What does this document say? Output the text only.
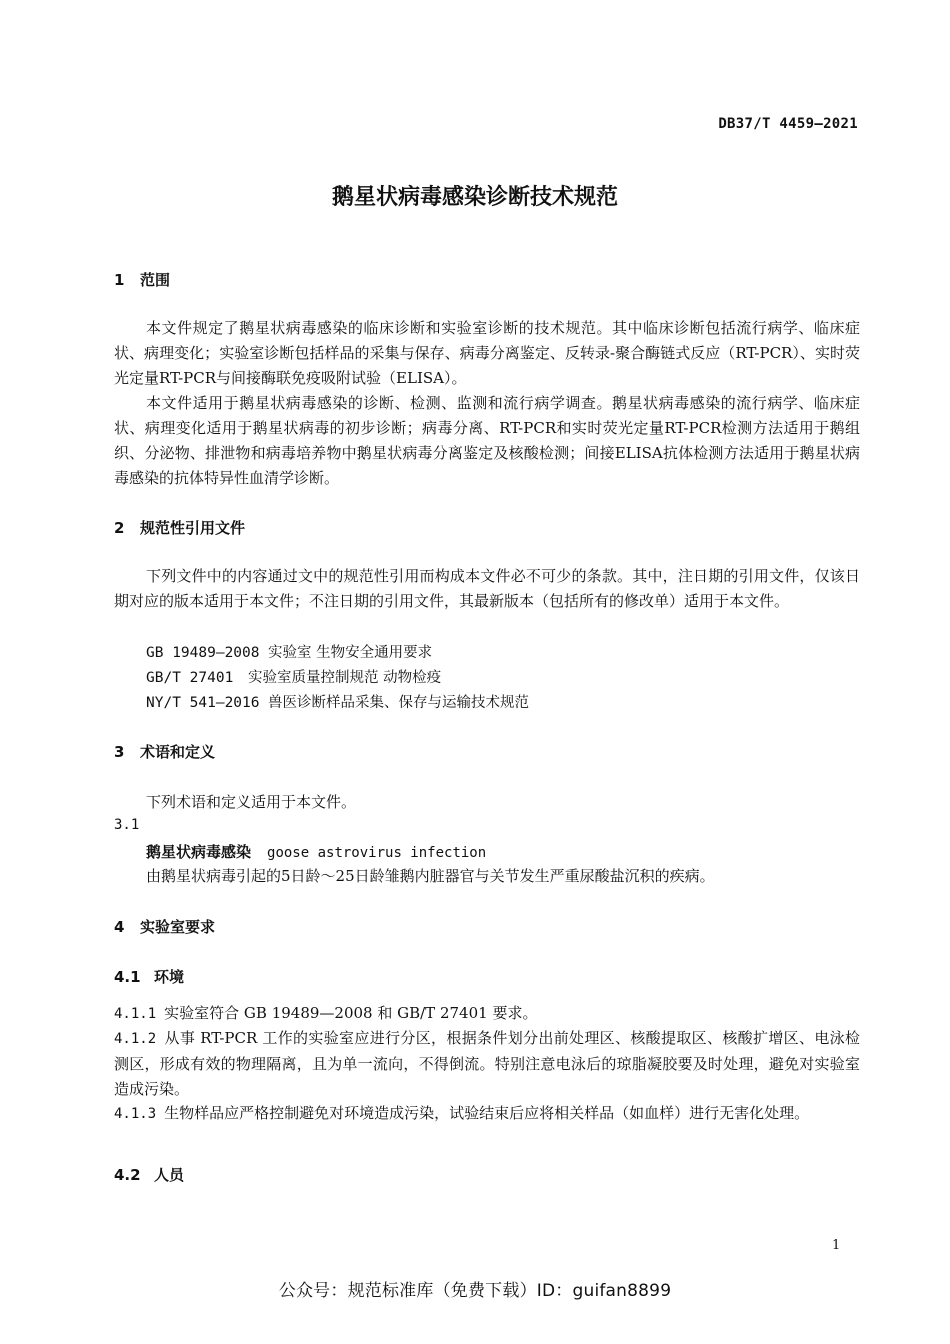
DB37/T 4459—2021
鹅星状病毒感染诊断技术规范
1 范围
本文件规定了鹅星状病毒感染的临床诊断和实验室诊断的技术规范。其中临床诊断包括流行病学、临床症状、病理变化；实验室诊断包括样品的采集与保存、病毒分离鉴定、反转录-聚合酶链式反应（RT-PCR）、实时荧光定量RT-PCR与间接酶联免疫吸附试验（ELISA）。
本文件适用于鹅星状病毒感染的诊断、检测、监测和流行病学调查。鹅星状病毒感染的流行病学、临床症状、病理变化适用于鹅星状病毒的初步诊断；病毒分离、RT-PCR和实时荧光定量RT-PCR检测方法适用于鹅组织、分泌物、排泄物和病毒培养物中鹅星状病毒分离鉴定及核酸检测；间接ELISA抗体检测方法适用于鹅星状病毒感染的抗体特异性血清学诊断。
2 规范性引用文件
下列文件中的内容通过文中的规范性引用而构成本文件必不可少的条款。其中，注日期的引用文件，仅该日期对应的版本适用于本文件；不注日期的引用文件，其最新版本（包括所有的修改单）适用于本文件。
GB 19489—2008 实验室 生物安全通用要求
GB/T 27401 实验室质量控制规范 动物检疫
NY/T 541—2016 兽医诊断样品采集、保存与运输技术规范
3 术语和定义
下列术语和定义适用于本文件。
3.1
鹅星状病毒感染 goose astrovirus infection
由鹅星状病毒引起的5日龄～25日龄雏鹅内脏器官与关节发生严重尿酸盐沉积的疾病。
4 实验室要求
4.1 环境
4.1.1 实验室符合 GB 19489—2008 和 GB/T 27401 要求。
4.1.2 从事 RT-PCR 工作的实验室应进行分区，根据条件划分出前处理区、核酸提取区、核酸扩增区、电泳检测区，形成有效的物理隔离，且为单一流向，不得倒流。特别注意电泳后的琼脂凝胶要及时处理，避免对实验室造成污染。
4.1.3 生物样品应严格控制避免对环境造成污染，试验结束后应将相关样品（如血样）进行无害化处理。
4.2 人员
1
公众号：规范标准库（免费下载）ID：guifan8899
